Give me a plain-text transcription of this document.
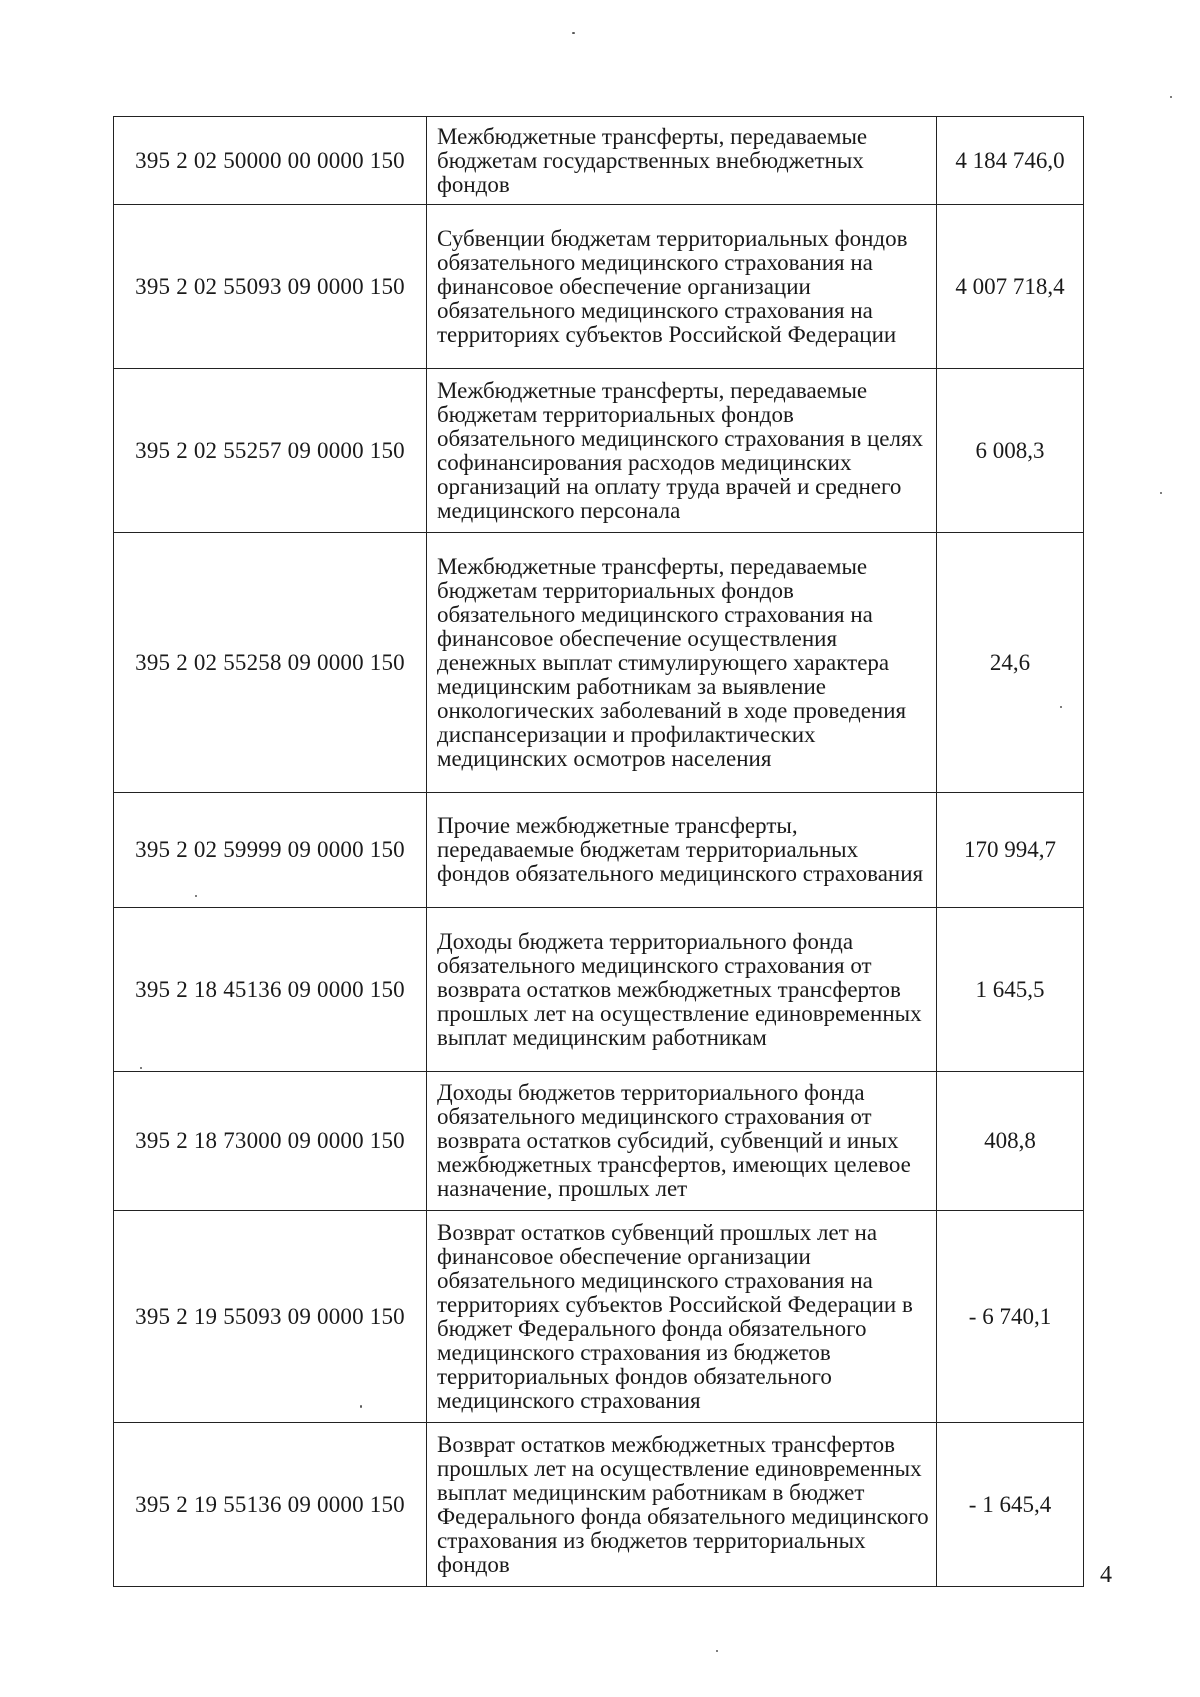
395 2 02 50000 00 0000 150	Межбюджетные трансферты, передаваемые бюджетам государственных внебюджетных фондов	4 184 746,0
395 2 02 55093 09 0000 150	Субвенции бюджетам территориальных фондов обязательного медицинского страхования на финансовое обеспечение организации обязательного медицинского страхования на территориях субъектов Российской Федерации	4 007 718,4
395 2 02 55257 09 0000 150	Межбюджетные трансферты, передаваемые бюджетам территориальных фондов обязательного медицинского страхования в целях софинансирования расходов медицинских организаций на оплату труда врачей и среднего медицинского персонала	6 008,3
395 2 02 55258 09 0000 150	Межбюджетные трансферты, передаваемые бюджетам территориальных фондов обязательного медицинского страхования на финансовое обеспечение осуществления денежных выплат стимулирующего характера медицинским работникам за выявление онкологических заболеваний в ходе проведения диспансеризации и профилактических медицинских осмотров населения	24,6
395 2 02 59999 09 0000 150	Прочие межбюджетные трансферты, передаваемые бюджетам территориальных фондов обязательного медицинского страхования	170 994,7
395 2 18 45136 09 0000 150	Доходы бюджета территориального фонда обязательного медицинского страхования от возврата остатков межбюджетных трансфертов прошлых лет на осуществление единовременных выплат медицинским работникам	1 645,5
395 2 18 73000 09 0000 150	Доходы бюджетов территориального фонда обязательного медицинского страхования от возврата остатков субсидий, субвенций и иных межбюджетных трансфертов, имеющих целевое назначение, прошлых лет	408,8
395 2 19 55093 09 0000 150	Возврат остатков субвенций прошлых лет на финансовое обеспечение организации обязательного медицинского страхования на территориях субъектов Российской Федерации в бюджет Федерального фонда обязательного медицинского страхования из бюджетов территориальных фондов обязательного медицинского страхования	- 6 740,1
395 2 19 55136 09 0000 150	Возврат остатков межбюджетных трансфертов прошлых лет на осуществление единовременных выплат медицинским работникам в бюджет Федерального фонда обязательного медицинского страхования из бюджетов территориальных фондов	- 1 645,4
4
